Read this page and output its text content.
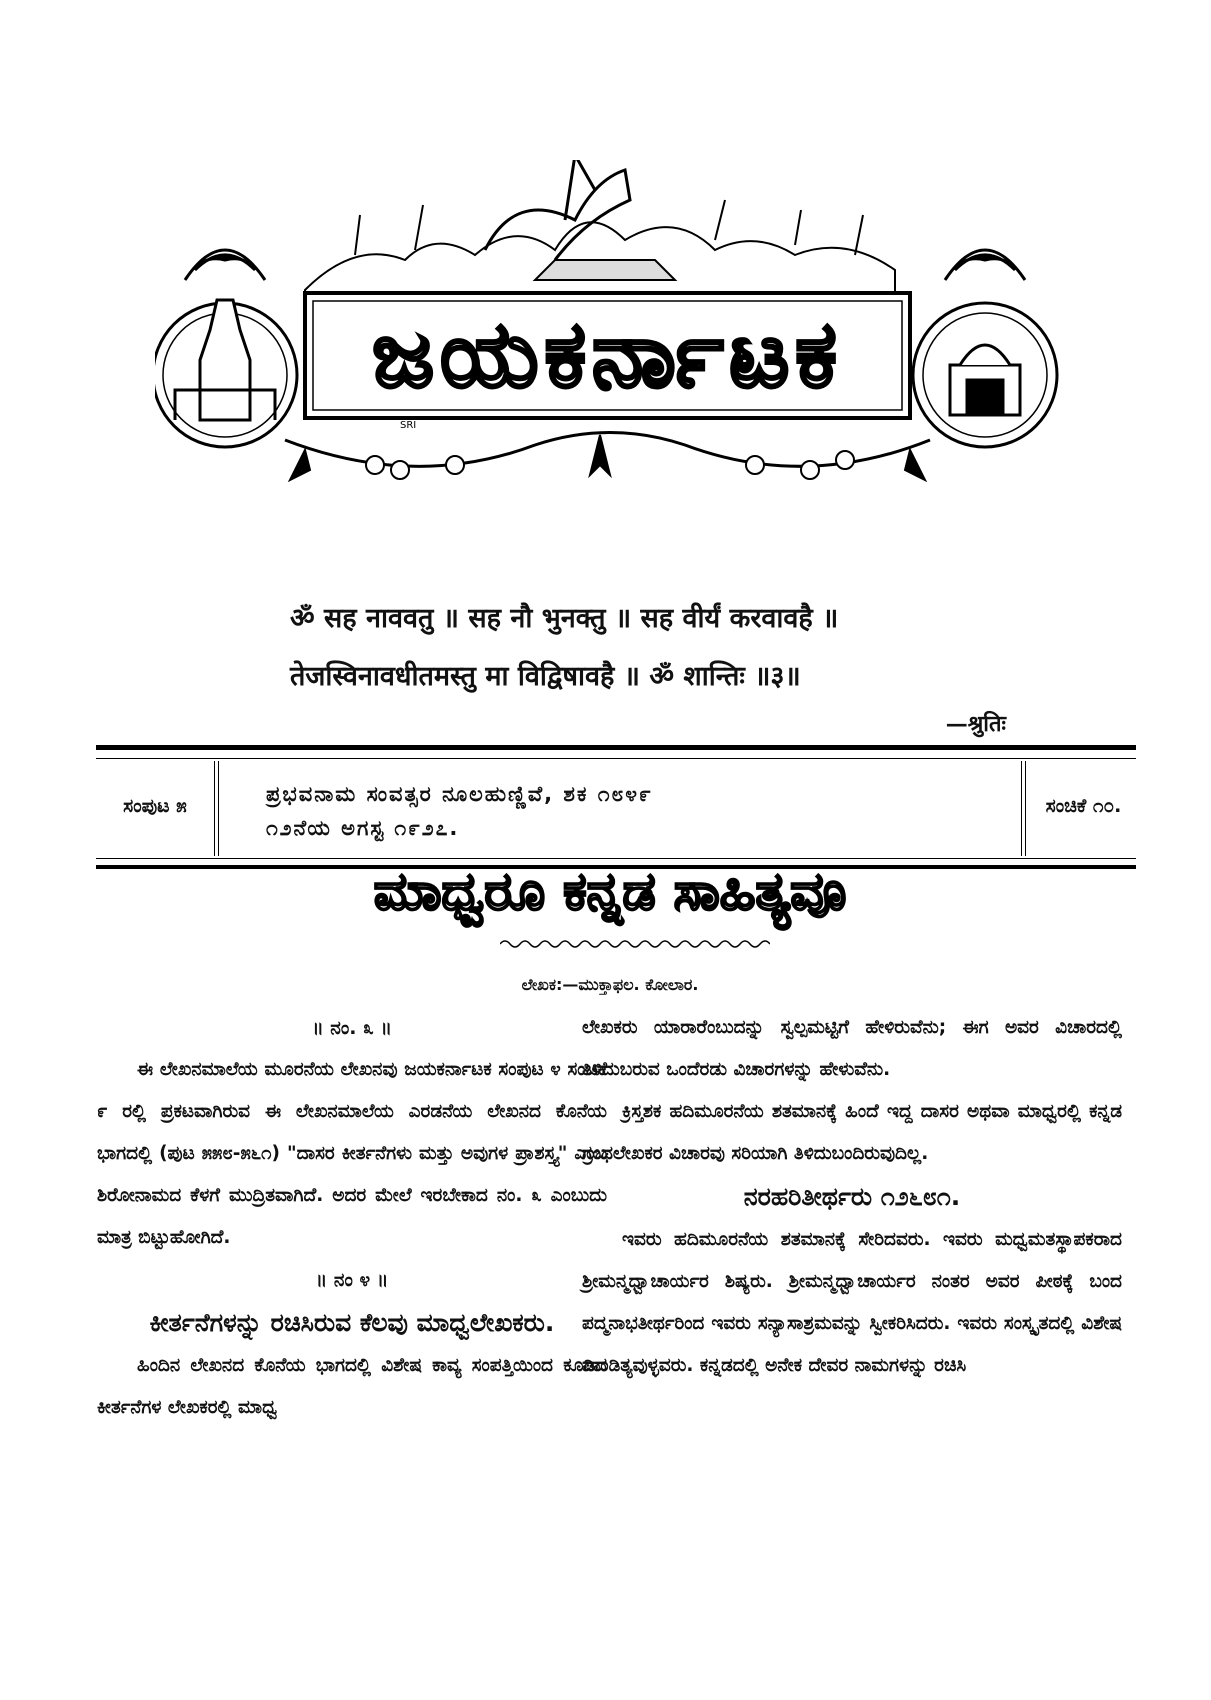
SRI
ಜಯಕರ್ನಾಟಕ
ॐ सह नाववतु ॥ सह नौ भुनक्तु ॥ सह वीर्यं करवावहै ॥
तेजस्विनावधीतमस्तु मा विद्विषावहै ॥ ॐ शान्तिः ॥३॥
—श्रुतिः
ಸಂಪುಟ ೫	ಪ್ರಭವನಾಮ ಸಂವತ್ಸರ ನೂಲಹುಣ್ಣಿವೆ, ಶಕ ೧೮೪೯
೧೨ನೆಯ ಅಗಸ್ಟ ೧೯೨೭.
ಸಂಚಿಕೆ ೧೦.
ಮಾಧ್ವರೂ ಕನ್ನಡ ಸಾಹಿತ್ಯವೂ
ಲೇಖಕ:—ಮುಕ್ತಾಫಲ. ಕೋಲಾರ.
॥ ನಂ. ೩ ॥

ಈ ಲೇಖನಮಾಲೆಯ ಮೂರನೆಯ ಲೇಖನವು ಜಯಕರ್ನಾಟಕ ಸಂಪುಟ ೪ ಸಂಚಿಕೆ ೯ ರಲ್ಲಿ ಪ್ರಕಟವಾಗಿರುವ ಈ ಲೇಖನಮಾಲೆಯ ಎರಡನೆಯ ಲೇಖನದ ಕೊನೆಯ ಭಾಗದಲ್ಲಿ (ಪುಟ ೫೫೮-೫೬೧) "ದಾಸರ ಕೀರ್ತನೆಗಳು ಮತ್ತು ಅವುಗಳ ಪ್ರಾಶಸ್ತ್ಯ" ಎಂಬ ಶಿರೋನಾಮದ ಕೆಳಗೆ ಮುದ್ರಿತವಾಗಿದೆ. ಅದರ ಮೇಲೆ ಇರಬೇಕಾದ ನಂ. ೩ ಎಂಬುದು ಮಾತ್ರ ಬಿಟ್ಟುಹೋಗಿದೆ.

॥ ನಂ ೪ ॥
ಕೀರ್ತನೆಗಳನ್ನು ರಚಿಸಿರುವ ಕೆಲವು ಮಾಧ್ವಲೇಖಕರು.

ಹಿಂದಿನ ಲೇಖನದ ಕೊನೆಯ ಭಾಗದಲ್ಲಿ ವಿಶೇಷ ಕಾವ್ಯ ಸಂಪತ್ತಿಯಿಂದ ಕೂಡಿದ ಕೀರ್ತನೆಗಳ ಲೇಖಕರಲ್ಲಿ ಮಾಧ್ವ

ಲೇಖಕರು ಯಾರಾರೆಂಬುದನ್ನು ಸ್ವಲ್ಪಮಟ್ಟಿಗೆ ಹೇಳಿರುವೆನು; ಈಗ ಅವರ ವಿಚಾರದಲ್ಲಿ ತಿಳಿದುಬರುವ ಒಂದೆರಡು ವಿಚಾರಗಳನ್ನು ಹೇಳುವೆನು.

ಕ್ರಿಸ್ತಶಕ ಹದಿಮೂರನೆಯ ಶತಮಾನಕ್ಕೆ ಹಿಂದೆ ಇದ್ದ ದಾಸರ ಅಥವಾ ಮಾಧ್ವರಲ್ಲಿ ಕನ್ನಡ ಗ್ರಂಥಲೇಖಕರ ವಿಚಾರವು ಸರಿಯಾಗಿ ತಿಳಿದುಬಂದಿರುವುದಿಲ್ಲ.

ನರಹರಿತೀರ್ಥರು ೧೨೬೮೧.

ಇವರು ಹದಿಮೂರನೆಯ ಶತಮಾನಕ್ಕೆ ಸೇರಿದವರು. ಇವರು ಮಧ್ವಮತಸ್ಥಾಪಕರಾದ ಶ್ರೀಮನ್ಮಧ್ವಾಚಾರ್ಯರ ಶಿಷ್ಯರು. ಶ್ರೀಮನ್ಮಧ್ವಾಚಾರ್ಯರ ನಂತರ ಅವರ ಪೀಠಕ್ಕೆ ಬಂದ ಪದ್ಮನಾಭತೀರ್ಥರಿಂದ ಇವರು ಸನ್ಯಾಸಾಶ್ರಮವನ್ನು ಸ್ವೀಕರಿಸಿದರು. ಇವರು ಸಂಸ್ಕೃತದಲ್ಲಿ ವಿಶೇಷ ಪಾಂಡಿತ್ಯವುಳ್ಳವರು. ಕನ್ನಡದಲ್ಲಿ ಅನೇಕ ದೇವರ ನಾಮಗಳನ್ನು ರಚಿಸಿ
